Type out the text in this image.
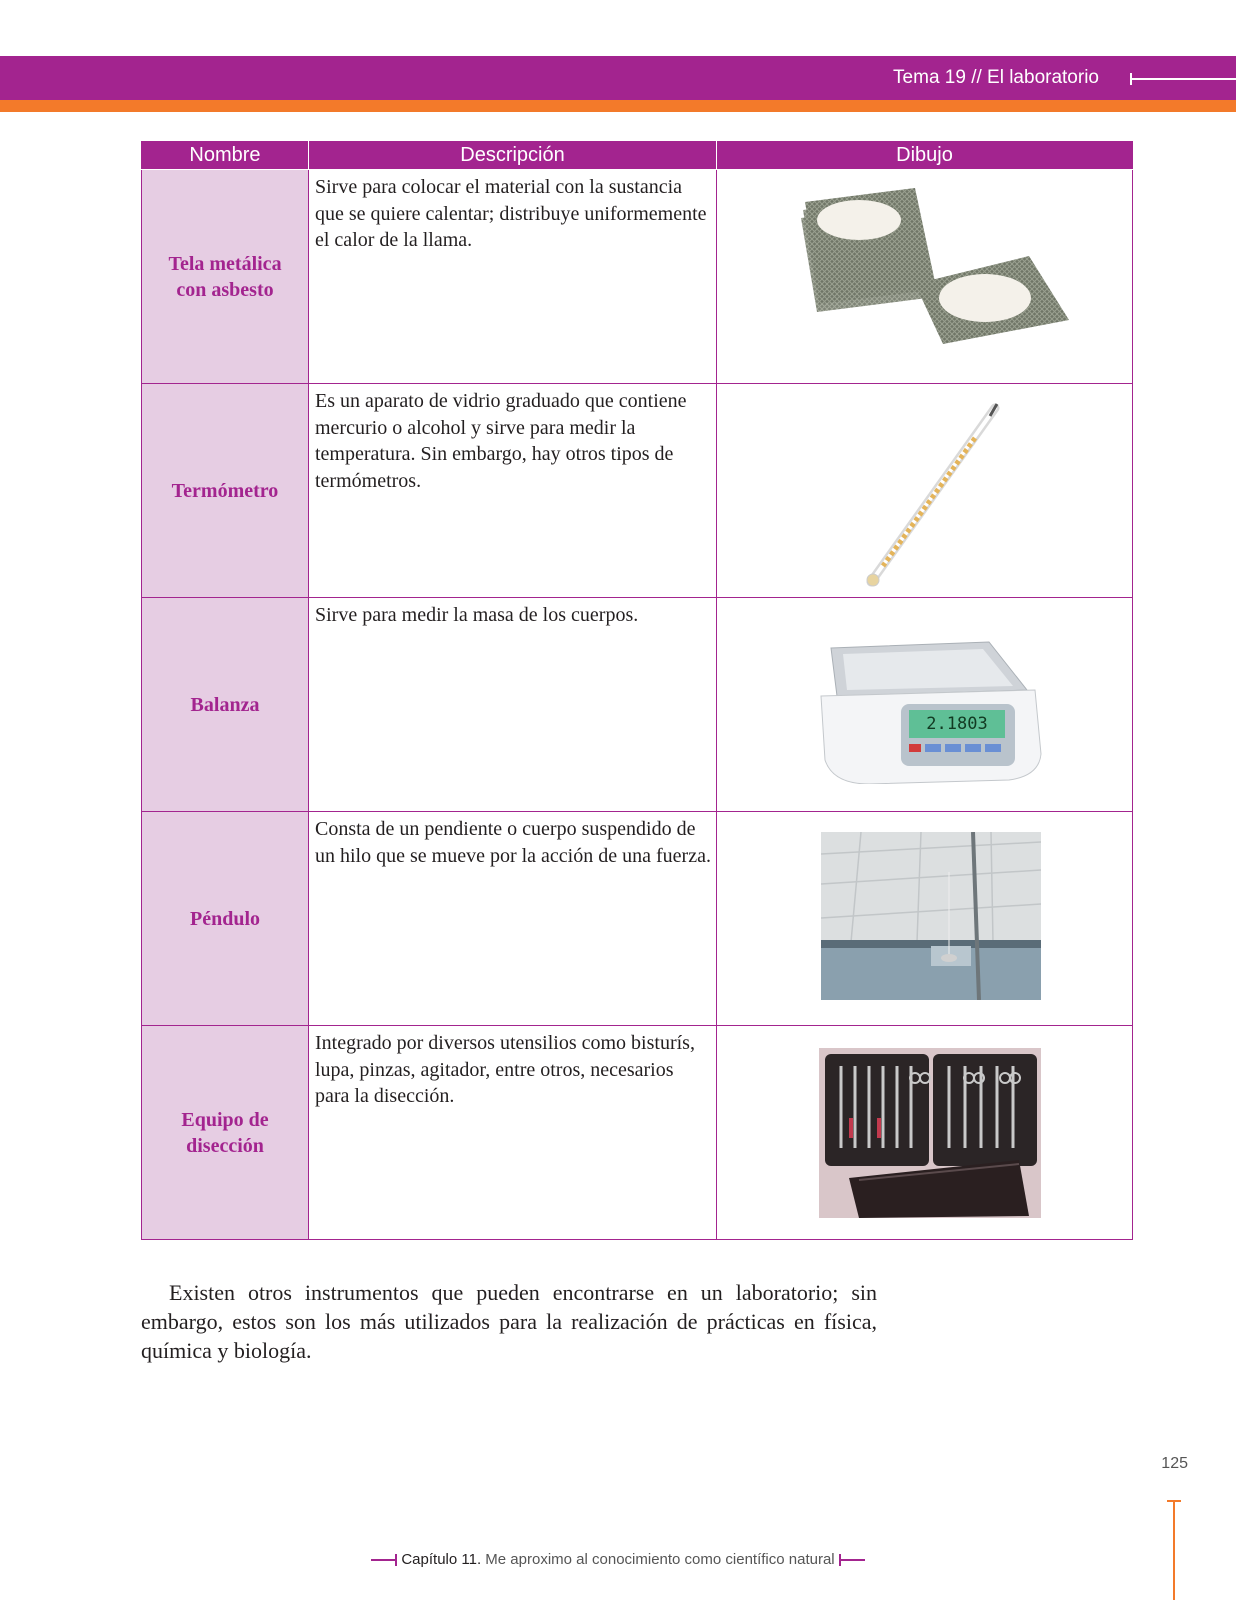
Tema 19 // El laboratorio
Nombre	Descripción	Dibujo
Tela metálica con asbesto	Sirve para colocar el material con la sustancia que se quiere calentar; distribuye uniformemente el calor de la llama.	

Termómetro	Es un aparato de vidrio graduado que contiene mercurio o alcohol y sirve para medir la temperatura. Sin embargo, hay otros tipos de termómetros.	

Balanza	Sirve para medir la masa de los cuerpos.	2.1803

Péndulo	Consta de un pendiente o cuerpo suspendido de un hilo que se mueve por la acción de una fuerza.	

Equipo de disección	Integrado por diversos utensilios como bisturís, lupa, pinzas, agitador, entre otros, necesarios para la disección.	

Existen otros instrumentos que pueden encontrarse en un laboratorio; sin embargo, estos son los más utilizados para la realización de prácticas en física, química y biología.

125
Capítulo 11. Me aproximo al conocimiento como científico natural
